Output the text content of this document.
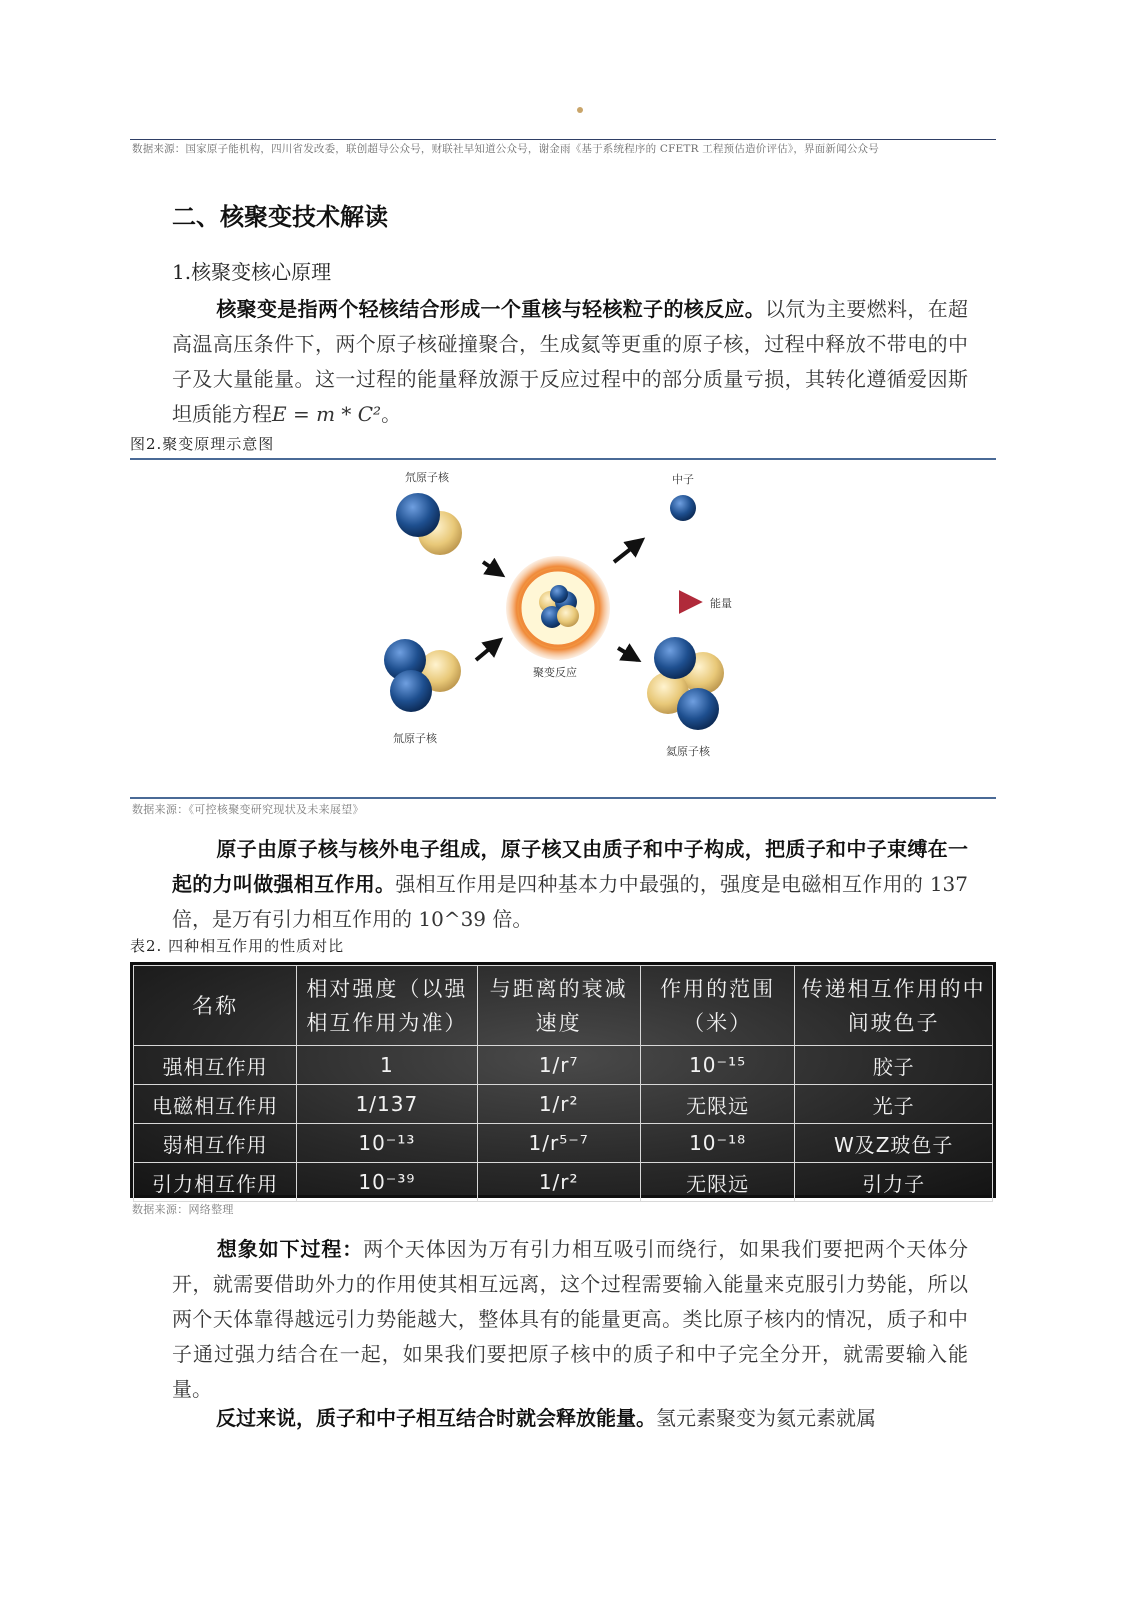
数据来源：国家原子能机构，四川省发改委，联创超导公众号，财联社早知道公众号，谢金雨《基于系统程序的 CFETR 工程预估造价评估》，界面新闻公众号
二、核聚变技术解读
1.核聚变核心原理
核聚变是指两个轻核结合形成一个重核与轻核粒子的核反应。以氘为主要燃料，在超高温高压条件下，两个原子核碰撞聚合，生成氦等更重的原子核，过程中释放不带电的中子及大量能量。这一过程的能量释放源于反应过程中的部分质量亏损，其转化遵循爱因斯坦质能方程E = m * C²。
图2.聚变原理示意图
氘原子核	中子
聚变反应
能量
氚原子核
氦原子核
数据来源：《可控核聚变研究现状及未来展望》
原子由原子核与核外电子组成，原子核又由质子和中子构成，把质子和中子束缚在一起的力叫做强相互作用。强相互作用是四种基本力中最强的，强度是电磁相互作用的 137 倍，是万有引力相互作用的 10^39 倍。
表2. 四种相互作用的性质对比
名称	相对强度（以强相互作用为准）	与距离的衰减速度	作用的范围（米）	传递相互作用的中间玻色子
强相互作用	1	1/r⁷	10⁻¹⁵	胶子
电磁相互作用	1/137	1/r²	无限远	光子
弱相互作用	10⁻¹³	1/r⁵⁻⁷	10⁻¹⁸	W及Z玻色子
引力相互作用	10⁻³⁹	1/r²	无限远	引力子
数据来源：网络整理
想象如下过程：两个天体因为万有引力相互吸引而绕行，如果我们要把两个天体分开，就需要借助外力的作用使其相互远离，这个过程需要输入能量来克服引力势能，所以两个天体靠得越远引力势能越大，整体具有的能量更高。类比原子核内的情况，质子和中子通过强力结合在一起，如果我们要把原子核中的质子和中子完全分开，就需要输入能量。
反过来说，质子和中子相互结合时就会释放能量。氢元素聚变为氦元素就属
